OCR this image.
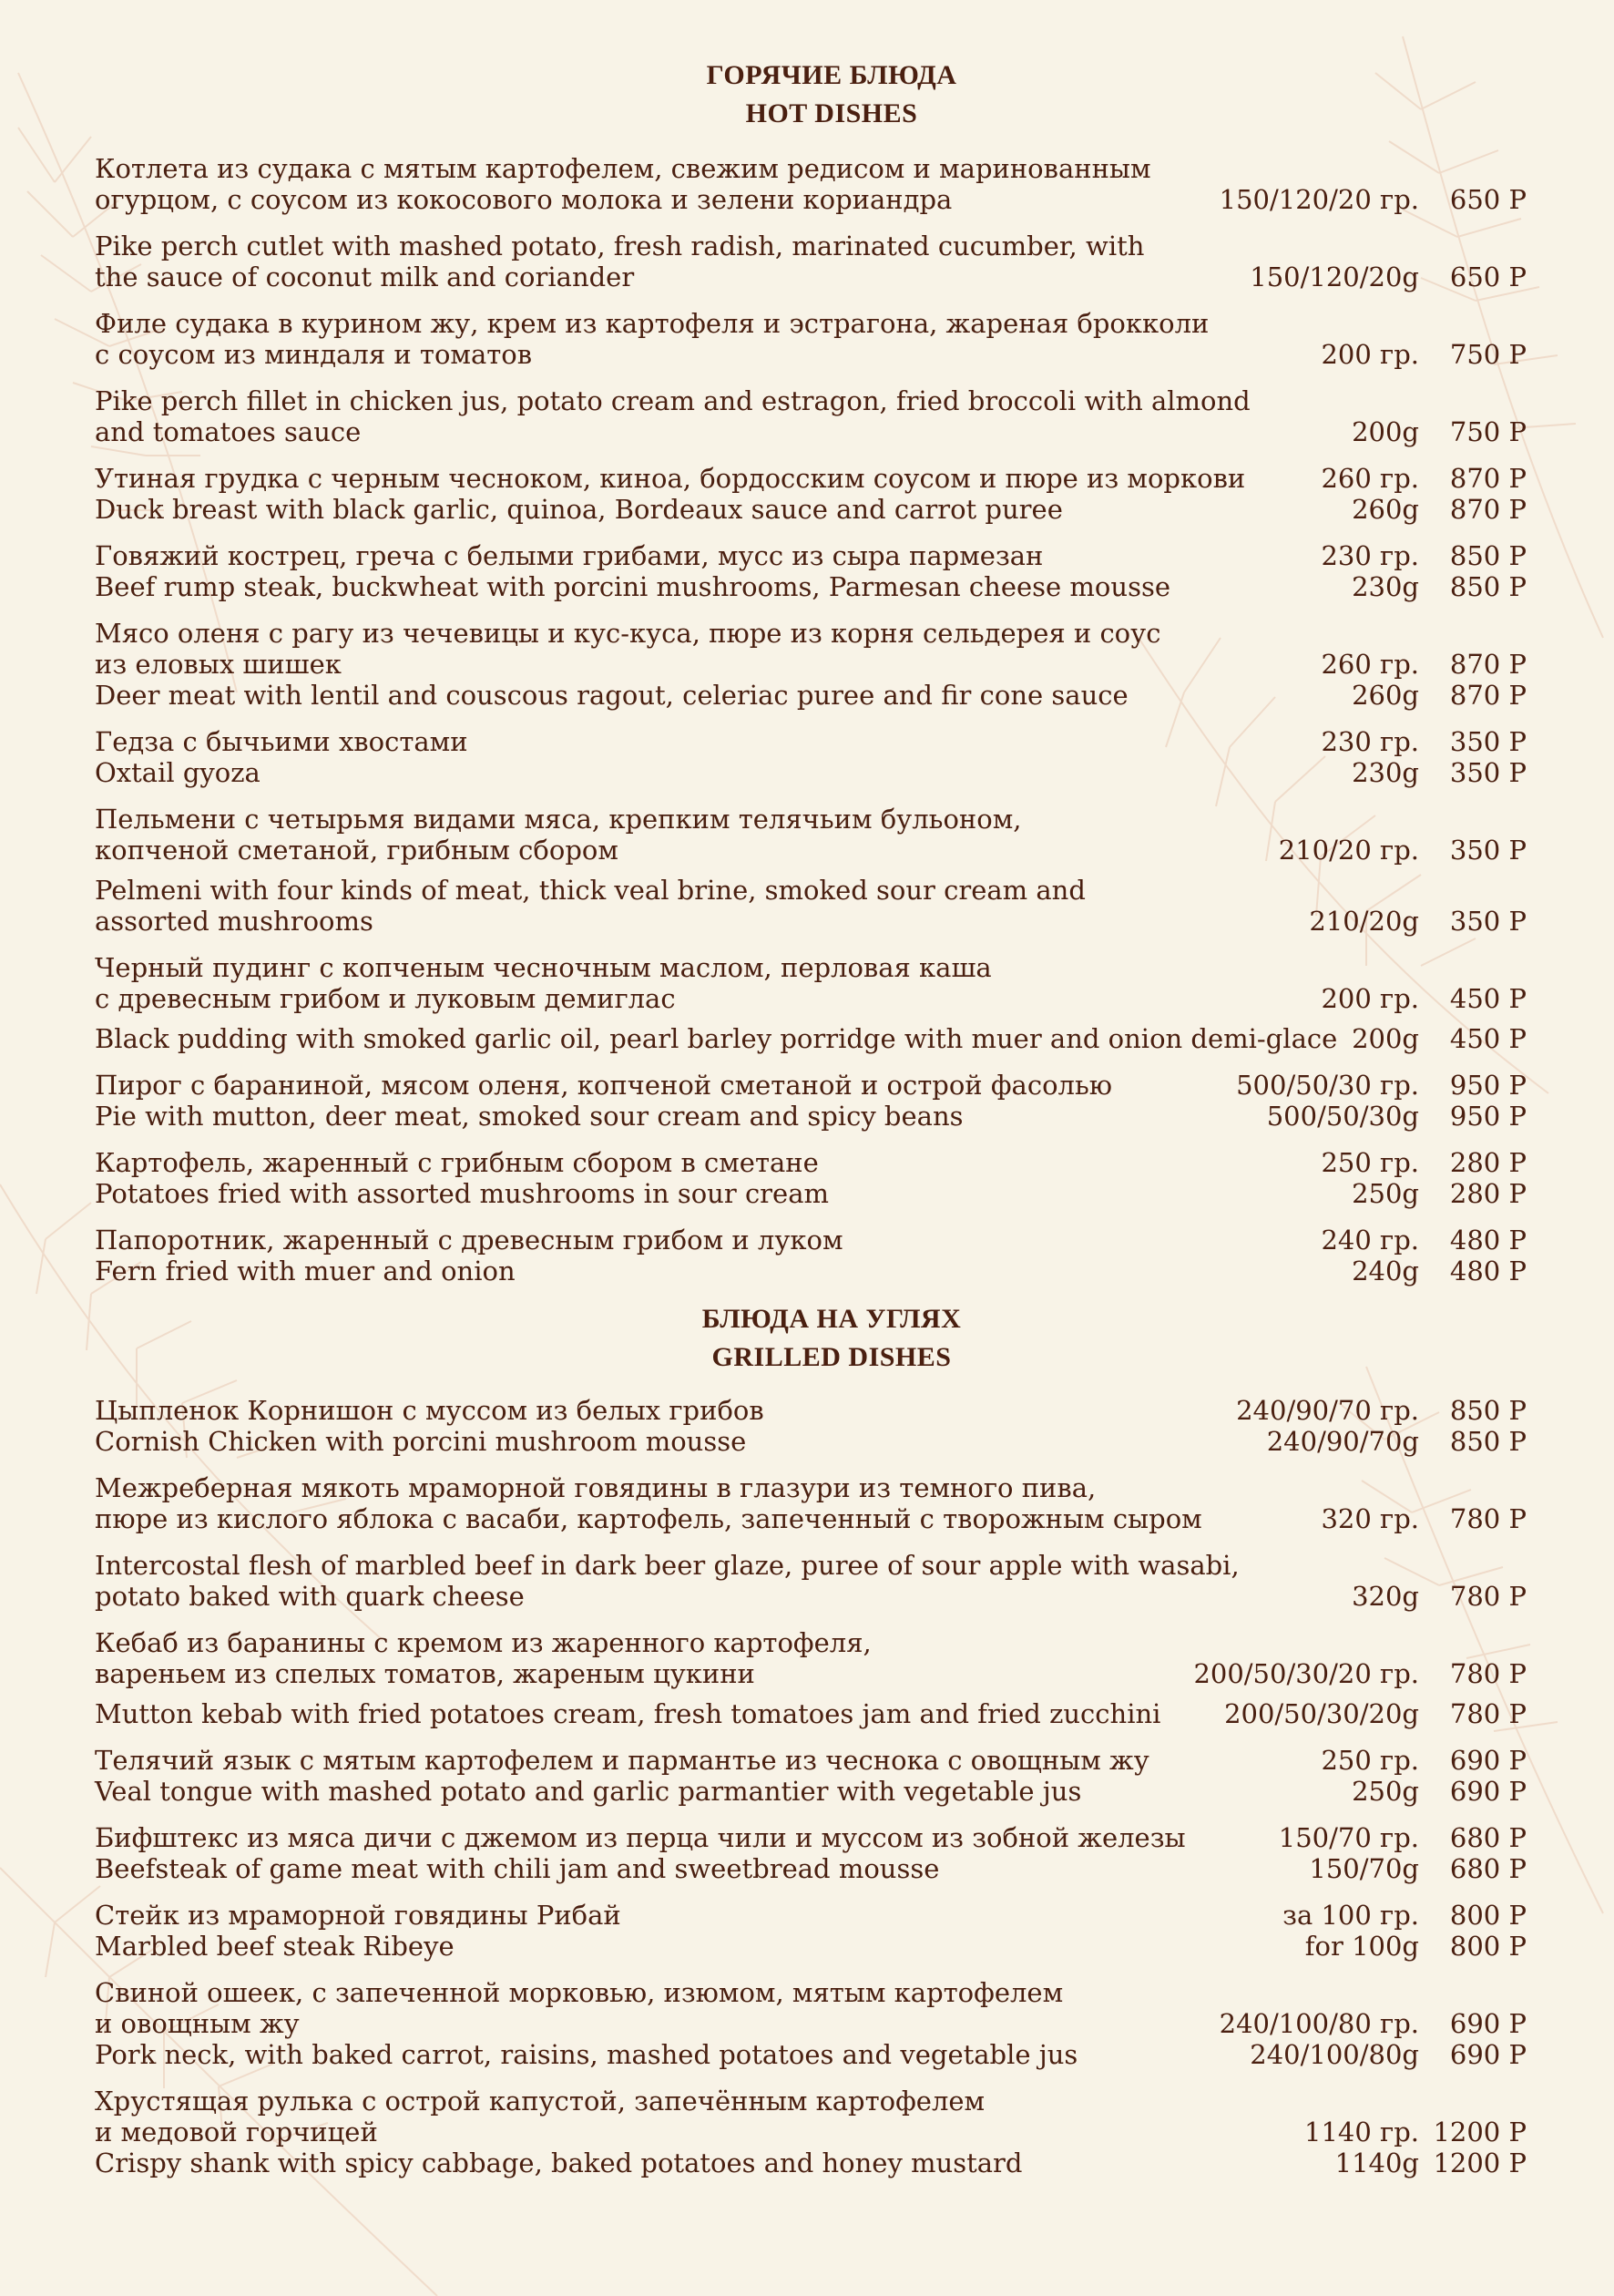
ГОРЯЧИЕ БЛЮДА
HOT DISHES
Котлета из судака с мятым картофелем, свежим редисом и маринованным
огурцом, с соусом из кокосового молока и зелени кориандра	150/120/20 гр. 650 Р
Pike perch cutlet with mashed potato, fresh radish, marinated cucumber, with
the sauce of coconut milk and coriander	150/120/20g 650 Р
Филе судака в курином жу, крем из картофеля и эстрагона, жареная брокколи
с соусом из миндаля и томатов	200 гр. 750 Р
Pike perch fillet in chicken jus, potato cream and estragon, fried broccoli with almond
and tomatoes sauce	200g 750 Р
Утиная грудка с черным чесноком, киноа, бордосским соусом и пюре из моркови	260 гр. 870 Р
Duck breast with black garlic, quinoa, Bordeaux sauce and carrot puree	260g 870 Р
Говяжий кострец, греча с белыми грибами, мусс из сыра пармезан	230 гр. 850 Р
Beef rump steak, buckwheat with porcini mushrooms, Parmesan cheese mousse	230g 850 Р
Мясо оленя с рагу из чечевицы и кус-куса, пюре из корня сельдерея и соус
из еловых шишек	260 гр. 870 Р
Deer meat with lentil and couscous ragout, celeriac puree and fir cone sauce	260g 870 Р
Гедза с бычьими хвостами	230 гр. 350 Р
Oxtail gyoza	230g 350 Р
Пельмени с четырьмя видами мяса, крепким телячьим бульоном,
копченой сметаной, грибным сбором	210/20 гр. 350 Р
Pelmeni with four kinds of meat, thick veal brine, smoked sour cream and
assorted mushrooms	210/20g 350 Р
Черный пудинг с копченым чесночным маслом, перловая каша
с древесным грибом и луковым демиглас	200 гр. 450 Р
Black pudding with smoked garlic oil, pearl barley porridge with muer and onion demi-glace 200g 450 Р
Пирог с бараниной, мясом оленя, копченой сметаной и острой фасолью	500/50/30 гр. 950 Р
Pie with mutton, deer meat, smoked sour cream and spicy beans	500/50/30g 950 Р
Картофель, жаренный с грибным сбором в сметане	250 гр. 280 Р
Potatoes fried with assorted mushrooms in sour cream	250g 280 Р
Папоротник, жаренный с древесным грибом и луком	240 гр. 480 Р
Fern fried with muer and onion	240g 480 Р
БЛЮДА НА УГЛЯХ
GRILLED DISHES
Цыпленок Корнишон с муссом из белых грибов	240/90/70 гр. 850 Р
Cornish Chicken with porcini mushroom mousse	240/90/70g 850 Р
Межреберная мякоть мраморной говядины в глазури из темного пива,
пюре из кислого яблока с васаби, картофель, запеченный с творожным сыром	320 гр. 780 Р
Intercostal flesh of marbled beef in dark beer glaze, puree of sour apple with wasabi,
potato baked with quark cheese	320g 780 Р
Кебаб из баранины с кремом из жаренного картофеля,
вареньем из спелых томатов, жареным цукини	200/50/30/20 гр. 780 Р
Mutton kebab with fried potatoes cream, fresh tomatoes jam and fried zucchini 200/50/30/20g 780 Р
Телячий язык с мятым картофелем и пармантье из чеснока с овощным жу	250 гр. 690 Р
Veal tongue with mashed potato and garlic parmantier with vegetable jus	250g 690 Р
Бифштекс из мяса дичи с джемом из перца чили и муссом из зобной железы	150/70 гр. 680 Р
Beefsteak of game meat with chili jam and sweetbread mousse	150/70g 680 Р
Стейк из мраморной говядины Рибай	за 100 гр. 800 Р
Marbled beef steak Ribeye	for 100g 800 Р
Свиной ошеек, с запеченной морковью, изюмом, мятым картофелем
и овощным жу	240/100/80 гр. 690 Р
Pork neck, with baked carrot, raisins, mashed potatoes and vegetable jus	240/100/80g 690 Р
Хрустящая рулька с острой капустой, запечённым картофелем
и медовой горчицей	1140 гр. 1200 Р
Crispy shank with spicy cabbage, baked potatoes and honey mustard	1140g 1200 Р
